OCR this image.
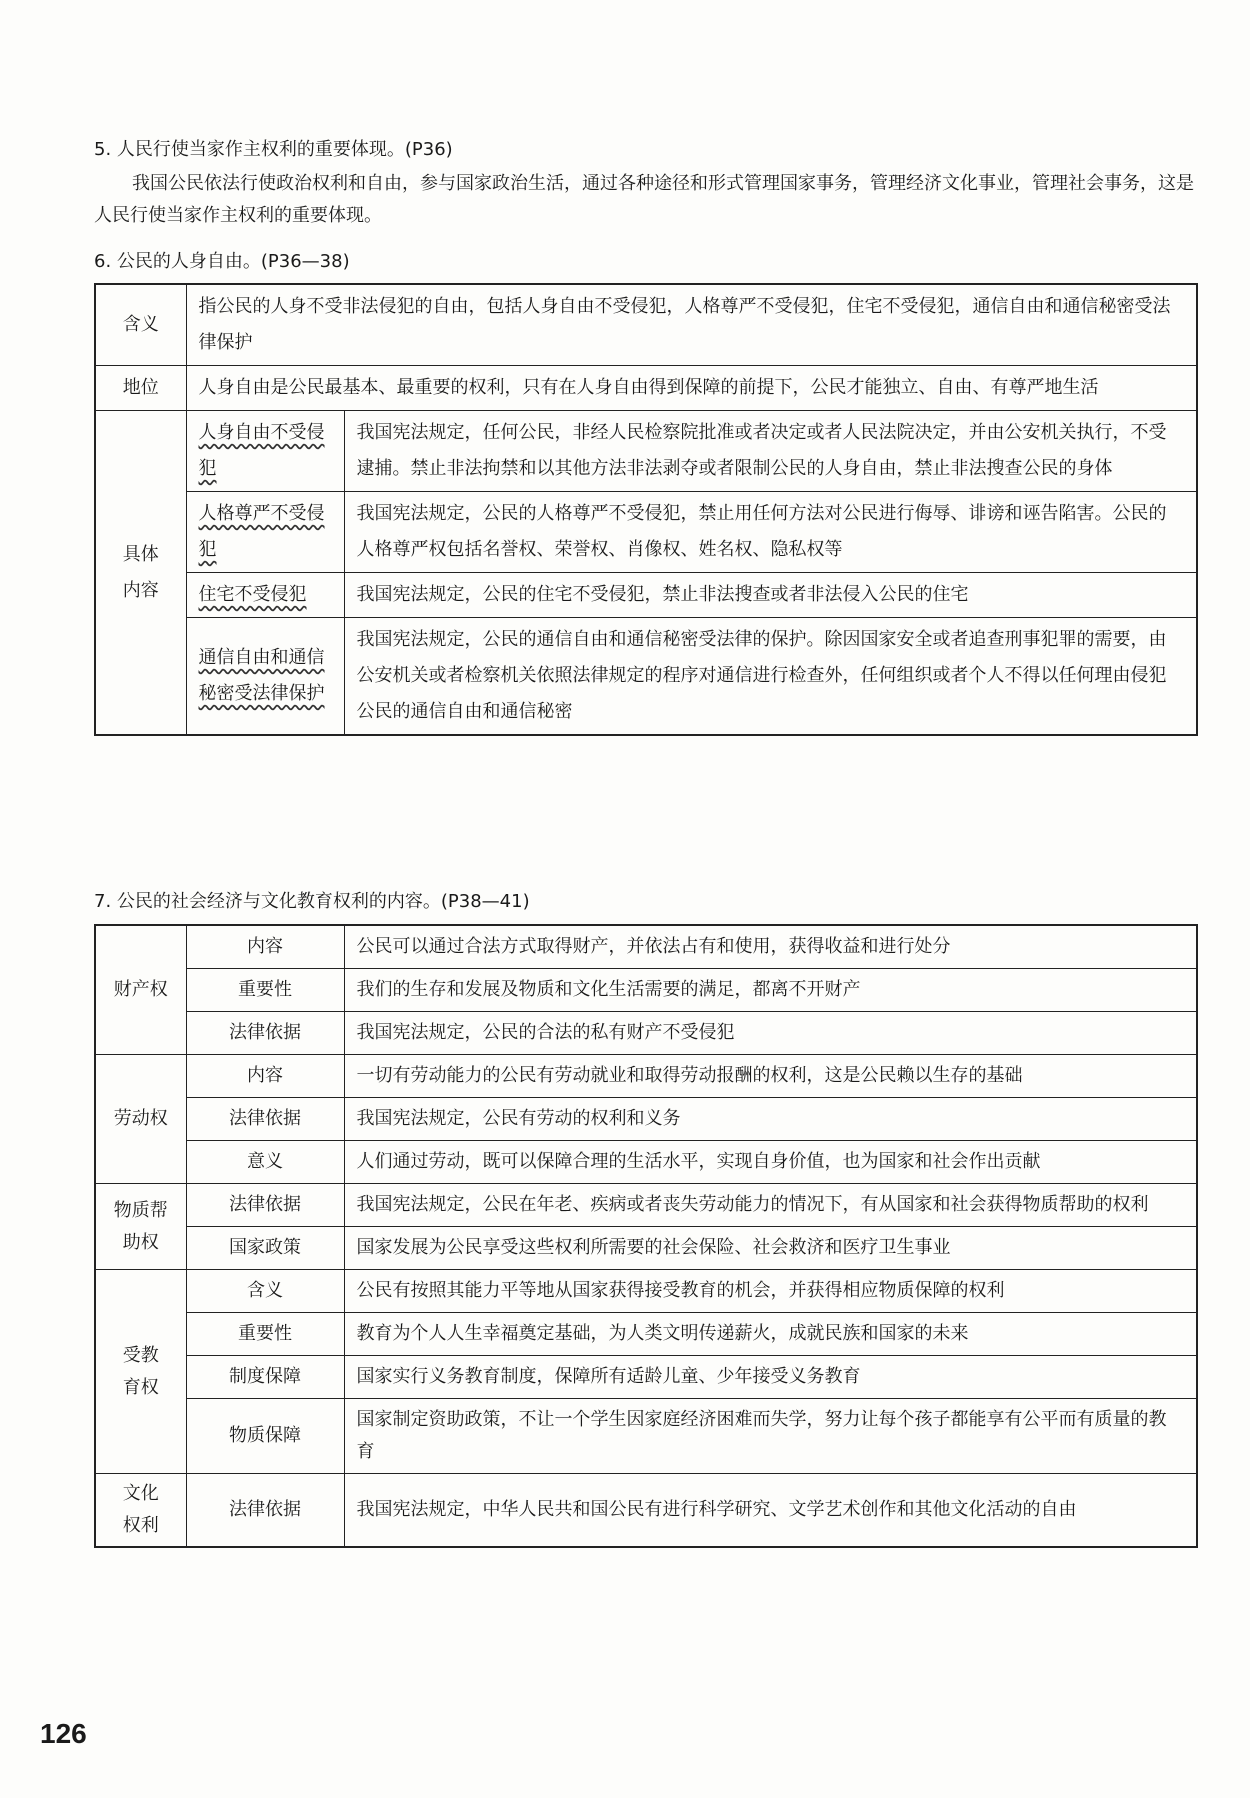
5. 人民行使当家作主权利的重要体现。(P36)
我国公民依法行使政治权利和自由，参与国家政治生活，通过各种途径和形式管理国家事务，管理经济文化事业，管理社会事务，这是人民行使当家作主权利的重要体现。
6. 公民的人身自由。(P36—38)
含义	指公民的人身不受非法侵犯的自由，包括人身自由不受侵犯，人格尊严不受侵犯，住宅不受侵犯，通信自由和通信秘密受法律保护	
地位	人身自由是公民最基本、最重要的权利，只有在人身自由得到保障的前提下，公民才能独立、自由、有尊严地生活	
具体内容	人身自由不受侵犯	我国宪法规定，任何公民，非经人民检察院批准或者决定或者人民法院决定，并由公安机关执行，不受逮捕。禁止非法拘禁和以其他方法非法剥夺或者限制公民的人身自由，禁止非法搜查公民的身体
	人格尊严不受侵犯	我国宪法规定，公民的人格尊严不受侵犯，禁止用任何方法对公民进行侮辱、诽谤和诬告陷害。公民的人格尊严权包括名誉权、荣誉权、肖像权、姓名权、隐私权等
	住宅不受侵犯	我国宪法规定，公民的住宅不受侵犯，禁止非法搜查或者非法侵入公民的住宅
	通信自由和通信秘密受法律保护	我国宪法规定，公民的通信自由和通信秘密受法律的保护。除因国家安全或者追查刑事犯罪的需要，由公安机关或者检察机关依照法律规定的程序对通信进行检查外，任何组织或者个人不得以任何理由侵犯公民的通信自由和通信秘密
7. 公民的社会经济与文化教育权利的内容。(P38—41)
财产权	内容	公民可以通过合法方式取得财产，并依法占有和使用，获得收益和进行处分
	重要性	我们的生存和发展及物质和文化生活需要的满足，都离不开财产
	法律依据	我国宪法规定，公民的合法的私有财产不受侵犯
劳动权	内容	一切有劳动能力的公民有劳动就业和取得劳动报酬的权利，这是公民赖以生存的基础
	法律依据	我国宪法规定，公民有劳动的权利和义务
	意义	人们通过劳动，既可以保障合理的生活水平，实现自身价值，也为国家和社会作出贡献
物质帮助权	法律依据	我国宪法规定，公民在年老、疾病或者丧失劳动能力的情况下，有从国家和社会获得物质帮助的权利
	国家政策	国家发展为公民享受这些权利所需要的社会保险、社会救济和医疗卫生事业
受教育权	含义	公民有按照其能力平等地从国家获得接受教育的机会，并获得相应物质保障的权利
	重要性	教育为个人人生幸福奠定基础，为人类文明传递薪火，成就民族和国家的未来
	制度保障	国家实行义务教育制度，保障所有适龄儿童、少年接受义务教育
	物质保障	国家制定资助政策，不让一个学生因家庭经济困难而失学，努力让每个孩子都能享有公平而有质量的教育
文化权利	法律依据	我国宪法规定，中华人民共和国公民有进行科学研究、文学艺术创作和其他文化活动的自由
126
